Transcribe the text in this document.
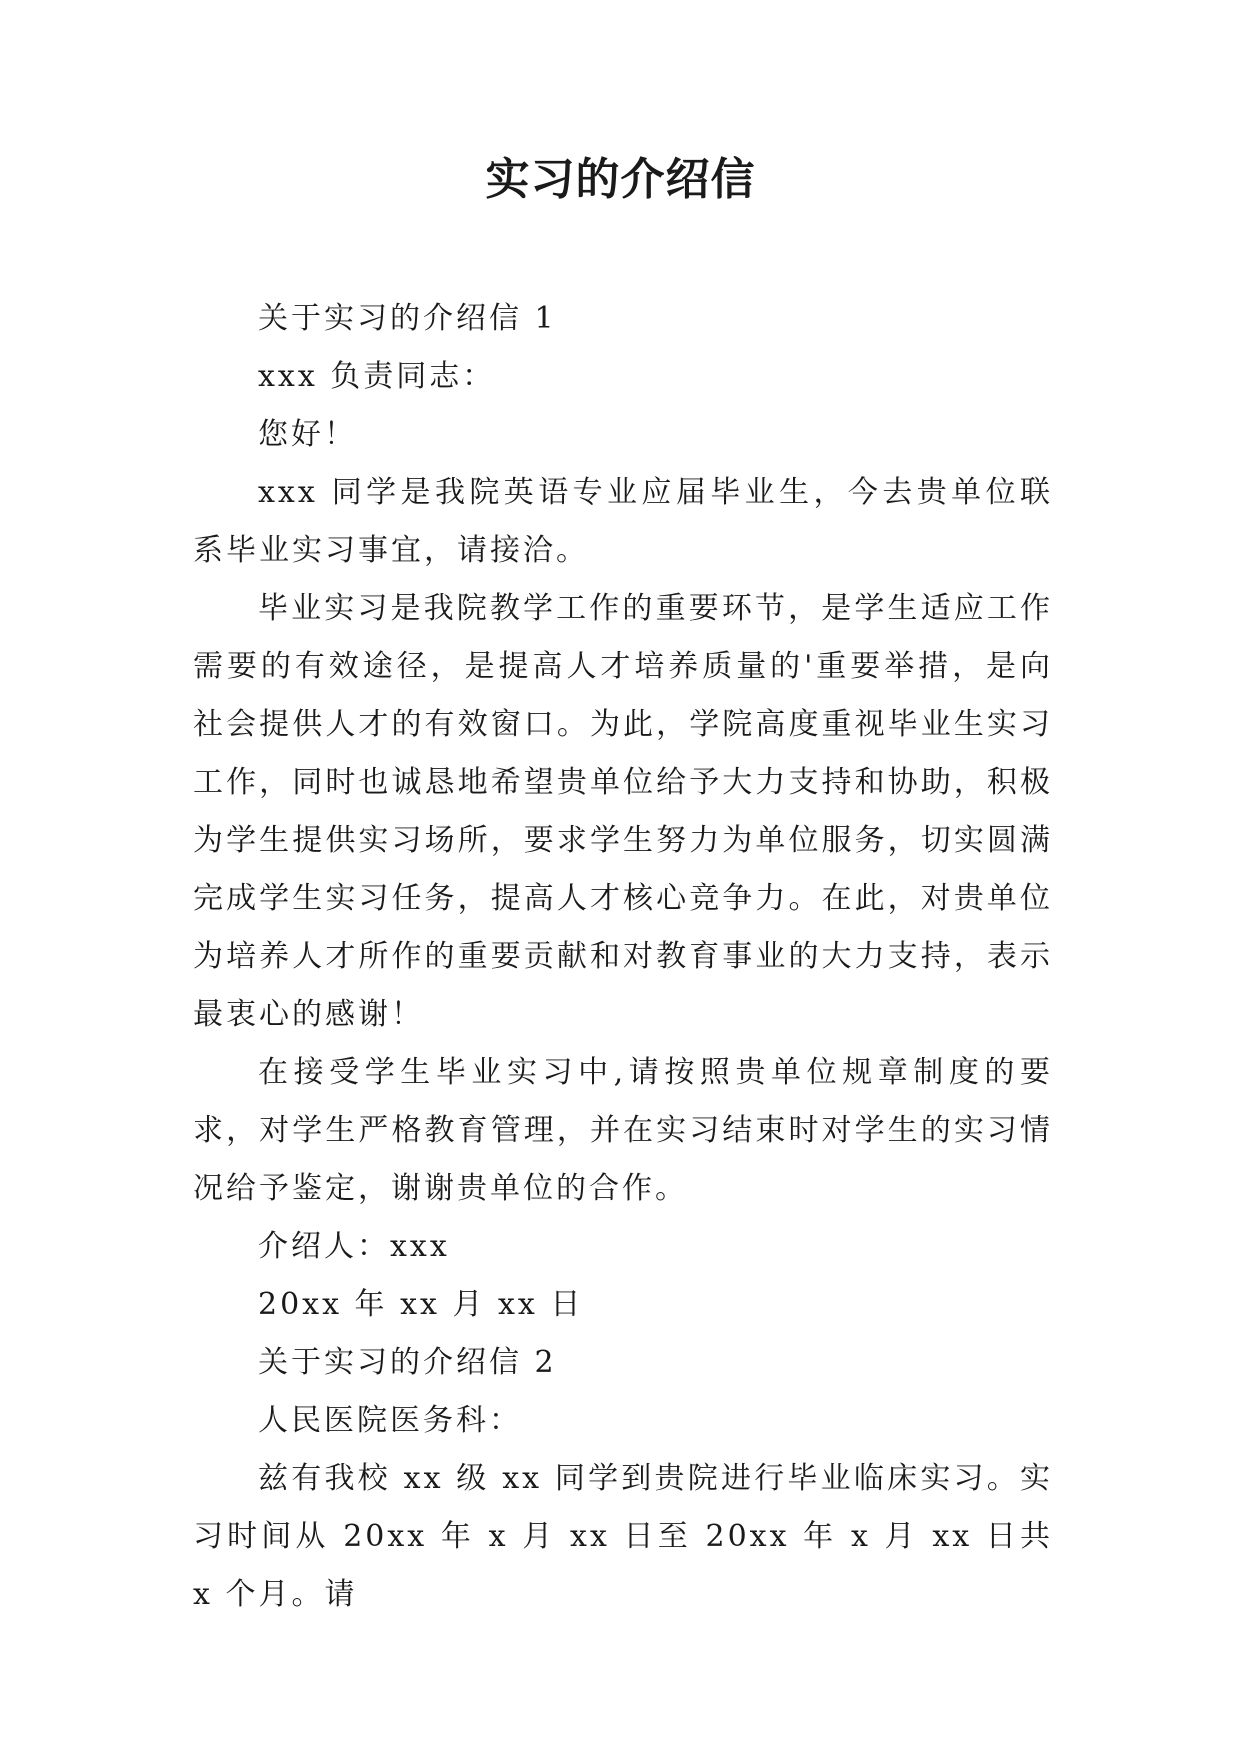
实习的介绍信

关于实习的介绍信 1

xxx 负责同志：

您好！

xxx 同学是我院英语专业应届毕业生，今去贵单位联系毕业实习事宜，请接洽。

毕业实习是我院教学工作的重要环节，是学生适应工作需要的有效途径，是提高人才培养质量的'重要举措，是向社会提供人才的有效窗口。为此，学院高度重视毕业生实习工作，同时也诚恳地希望贵单位给予大力支持和协助，积极为学生提供实习场所，要求学生努力为单位服务，切实圆满完成学生实习任务，提高人才核心竞争力。在此，对贵单位为培养人才所作的重要贡献和对教育事业的大力支持，表示最衷心的感谢！

在接受学生毕业实习中,请按照贵单位规章制度的要求，对学生严格教育管理，并在实习结束时对学生的实习情况给予鉴定，谢谢贵单位的合作。

介绍人：xxx

20xx 年 xx 月 xx 日

关于实习的介绍信 2

人民医院医务科：

兹有我校 xx 级 xx 同学到贵院进行毕业临床实习。实习时间从 20xx 年 x 月 xx 日至 20xx 年 x 月 xx 日共 x 个月。请
